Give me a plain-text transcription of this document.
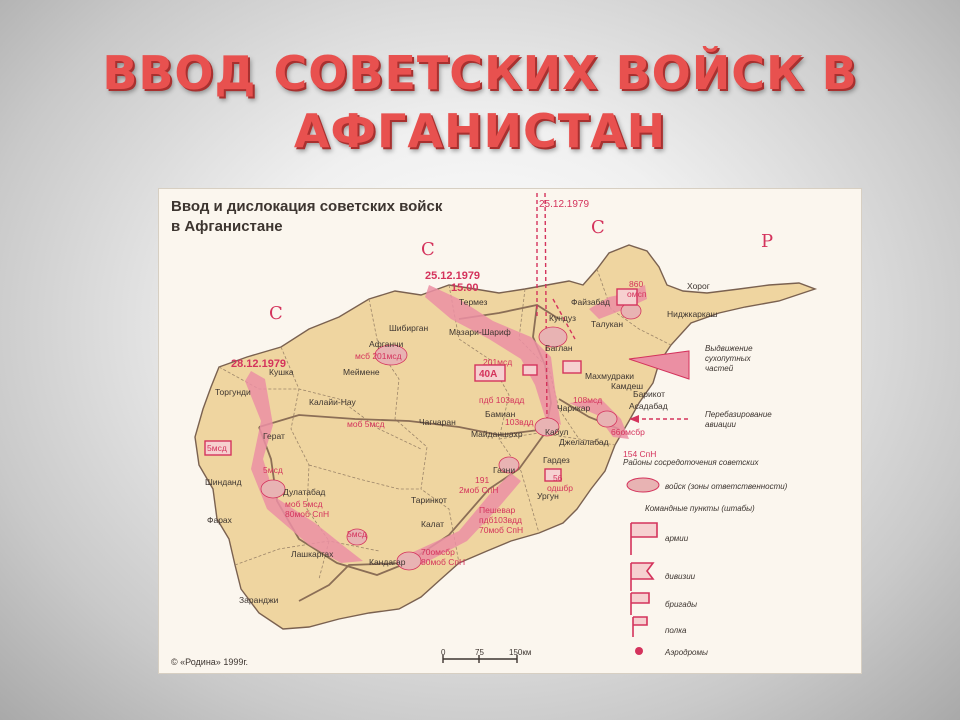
ВВОД СОВЕТСКИХ ВОЙСК В
АФГАНИСТАН
Ввод и дислокация советских войск
в Афганистане
С
С
С
Р
25.12.1979
25.12.1979
15.00
28.12.1979
Термез
Шибирган Мазари-Шариф
Кундуз
Талукан
Файзабад
Хорог
Афганчи
Меймене
Баглан
Кушка
Торгунди
Калайи-Нау
Чагчаран
Герат
Шинданд
Дулатабад
Фарах
Лашкаргах
Кандагар
Заранджи
Калат
Таринкот
Газни
Гардез
Ургун
Бамиан
Майданшахр	Кабул
Джелалабад
Махмудраки
Чарикар
Камдеш
Асадабад
Ниджкаркаш
Барикот
860
омсп
мсб 201мсд
40А
201мсд
108мсд
103вдд
пдб 103вдд
154 СпН
66омсбр
56
одшбр
191
2моб СпН
5мсд
моб 5мсд
моб 5мсд
80моб СпН
70омсбр
80моб СпН
Пешевар
пдб103вдд
70моб СпН
5мсд
5мсд
Выдвижение
сухопутных
частей
Перебазирование
авиации
Районы сосредоточения советских
войск (зоны ответственности)
Командные пункты (штабы)
армии
дивизии
бригады
полка
Аэродромы
0	75	150км
© «Родина» 1999г.
